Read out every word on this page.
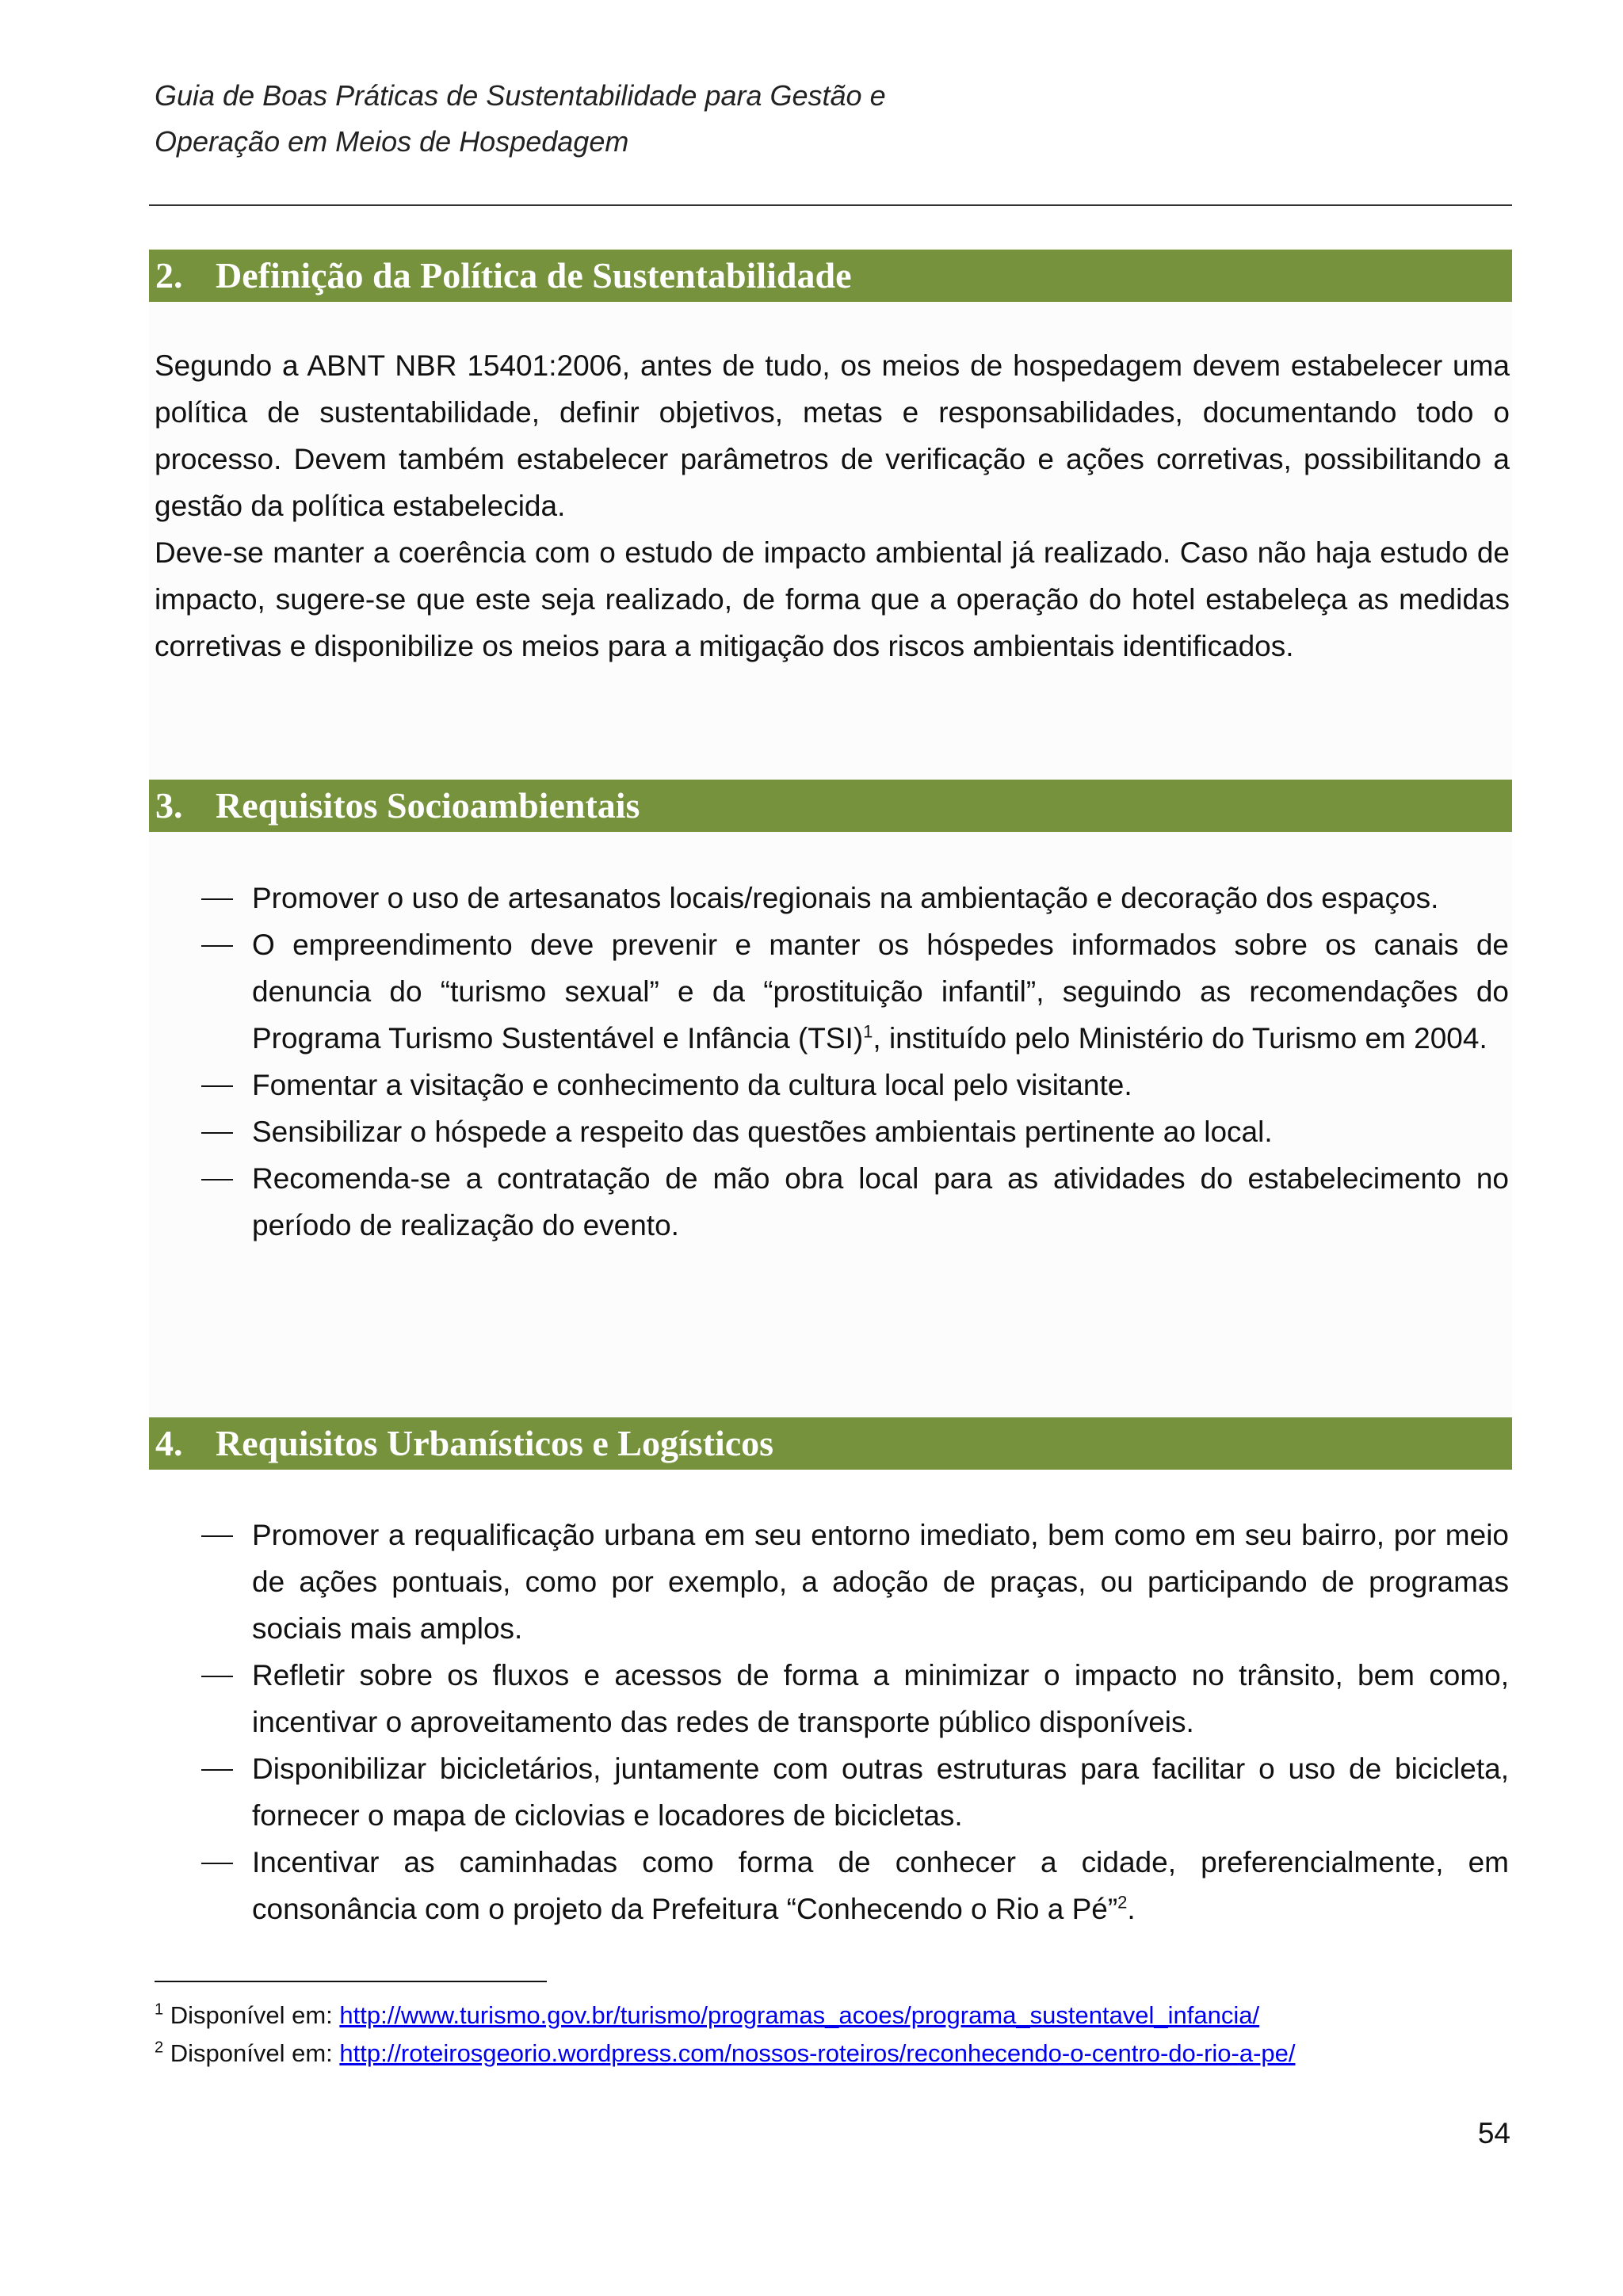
Guia de Boas Práticas de Sustentabilidade para Gestão e
Operação em Meios de Hospedagem
2. Definição da Política de Sustentabilidade

Segundo a ABNT NBR 15401:2006, antes de tudo, os meios de hospedagem devem estabelecer uma política de sustentabilidade, definir objetivos, metas e responsabilidades, documentando todo o processo. Devem também estabelecer parâmetros de verificação e ações corretivas, possibilitando a gestão da política estabelecida.

Deve-se manter a coerência com o estudo de impacto ambiental já realizado. Caso não haja estudo de impacto, sugere-se que este seja realizado, de forma que a operação do hotel estabeleça as medidas corretivas e disponibilize os meios para a mitigação dos riscos ambientais identificados.

3. Requisitos Socioambientais
Promover o uso de artesanatos locais/regionais na ambientação e decoração dos espaços.
O empreendimento deve prevenir e manter os hóspedes informados sobre os canais de denuncia do “turismo sexual” e da “prostituição infantil”, seguindo as recomendações do Programa Turismo Sustentável e Infância (TSI)$^1$, instituído pelo Ministério do Turismo em 2004.
Fomentar a visitação e conhecimento da cultura local pelo visitante.
Sensibilizar o hóspede a respeito das questões ambientais pertinente ao local.
Recomenda-se a contratação de mão obra local para as atividades do estabelecimento no período de realização do evento.
4. Requisitos Urbanísticos e Logísticos
Promover a requalificação urbana em seu entorno imediato, bem como em seu bairro, por meio de ações pontuais, como por exemplo, a adoção de praças, ou participando de programas sociais mais amplos.
Refletir sobre os fluxos e acessos de forma a minimizar o impacto no trânsito, bem como, incentivar o aproveitamento das redes de transporte público disponíveis.
Disponibilizar bicicletários, juntamente com outras estruturas para facilitar o uso de bicicleta, fornecer o mapa de ciclovias e locadores de bicicletas.
Incentivar as caminhadas como forma de conhecer a cidade, preferencialmente, em consonância com o projeto da Prefeitura “Conhecendo o Rio a Pé”$^2$.
$^1$ Disponível em: http://www.turismo.gov.br/turismo/programas_acoes/programa_sustentavel_infancia/
$^2$ Disponível em: http://roteirosgeorio.wordpress.com/nossos-roteiros/reconhecendo-o-centro-do-rio-a-pe/
54
